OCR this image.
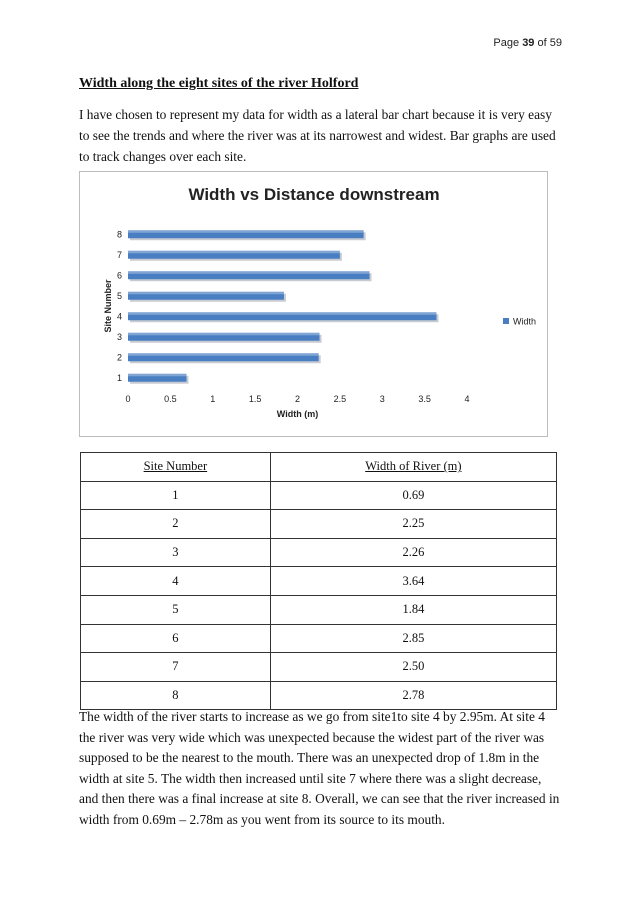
Page 39 of 59
Width along the eight sites of the river Holford

I have chosen to represent my data for width as a lateral bar chart because it is very easy to see the trends and where the river was at its narrowest and widest. Bar graphs are used to track changes over each site.

Width vs Distance downstream
1
2
3
4
5
6
7
8
0	0.5	1	1.5	2	2.5	3	3.5	4
Width (m)
Site Number	Width
Site Number	Width of River (m)
1	0.69
2	2.25
3	2.26
4	3.64
5	1.84
6	2.85
7	2.50
8	2.78

The width of the river starts to increase as we go from site1to site 4 by 2.95m. At site 4 the river was very wide which was unexpected because the widest part of the river was supposed to be the nearest to the mouth. There was an unexpected drop of 1.8m in the width at site 5. The width then increased until site 7 where there was a slight decrease, and then there was a final increase at site 8. Overall, we can see that the river increased in width from 0.69m – 2.78m as you went from its source to its mouth.
